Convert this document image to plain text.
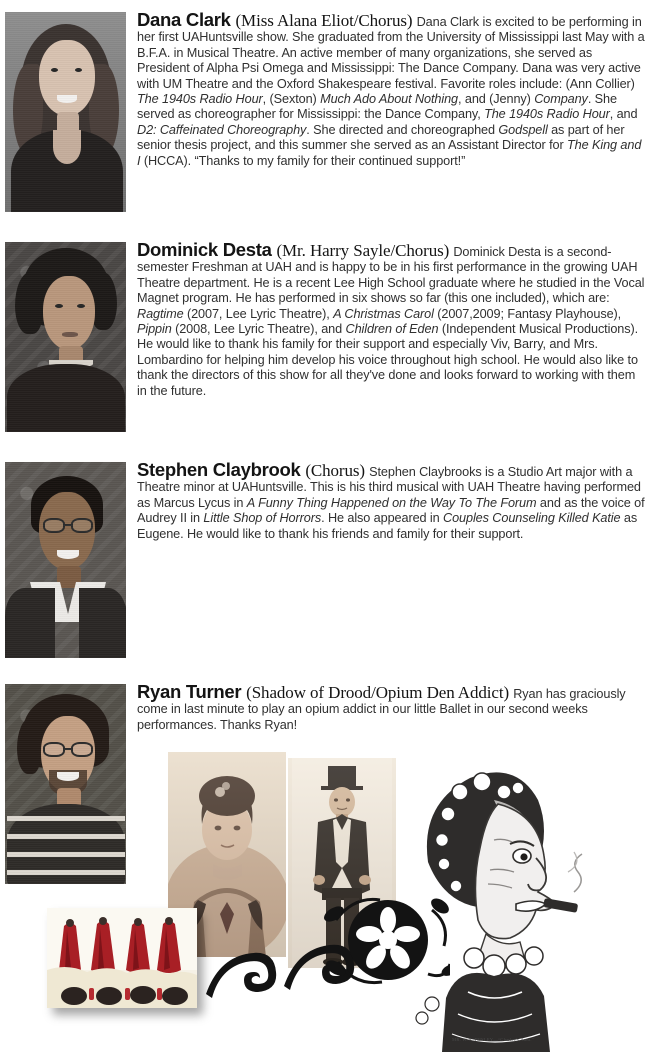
Dana Clark (Miss Alana Eliot/Chorus) Dana Clark is excited to be performing in her first UAHuntsville show. She graduated from the University of Mississippi last May with a B.F.A. in Musical Theatre. An active member of many organizations, she served as President of Alpha Psi Omega and Mississippi: The Dance Company. Dana was very active with UM Theatre and the Oxford Shakespeare festival. Favorite roles include: (Ann Collier) The 1940s Radio Hour, (Sexton) Much Ado About Nothing, and (Jenny) Company. She served as choreographer for Mississippi: the Dance Company, The 1940s Radio Hour, and D2: Caffeinated Choreography. She directed and choreographed Godspell as part of her senior thesis project, and this summer she served as an Assistant Director for The King and I (HCCA). “Thanks to my family for their continued support!”
Dominick Desta (Mr. Harry Sayle/Chorus) Dominick Desta is a second-semester Freshman at UAH and is happy to be in his first performance in the growing UAH Theatre department. He is a recent Lee High School graduate where he studied in the Vocal Magnet program. He has performed in six shows so far (this one included), which are: Ragtime (2007, Lee Lyric Theatre), A Christmas Carol (2007,2009; Fantasy Playhouse), Pippin (2008, Lee Lyric Theatre), and Children of Eden (Independent Musical Productions). He would like to thank his family for their support and especially Viv, Barry, and Mrs. Lombardino for helping him develop his voice throughout high school. He would also like to thank the directors of this show for all they've done and looks forward to working with them in the future.
Stephen Claybrook (Chorus) Stephen Claybrooks is a Studio Art major with a Theatre minor at UAHuntsville. This is his third musical with UAH Theatre having performed as Marcus Lycus in A Funny Thing Happened on the Way To The Forum and as the voice of Audrey II in Little Shop of Horrors. He also appeared in Couples Counseling Killed Katie as Eugene. He would like to thank his friends and family for their support.
Ryan Turner (Shadow of Drood/Opium Den Addict) Ryan has graciously come in last minute to play an opium addict in our little Ballet in our second weeks performances. Thanks Ryan!
MR. W. S. PENLEY—“Charley's Aunt.”
